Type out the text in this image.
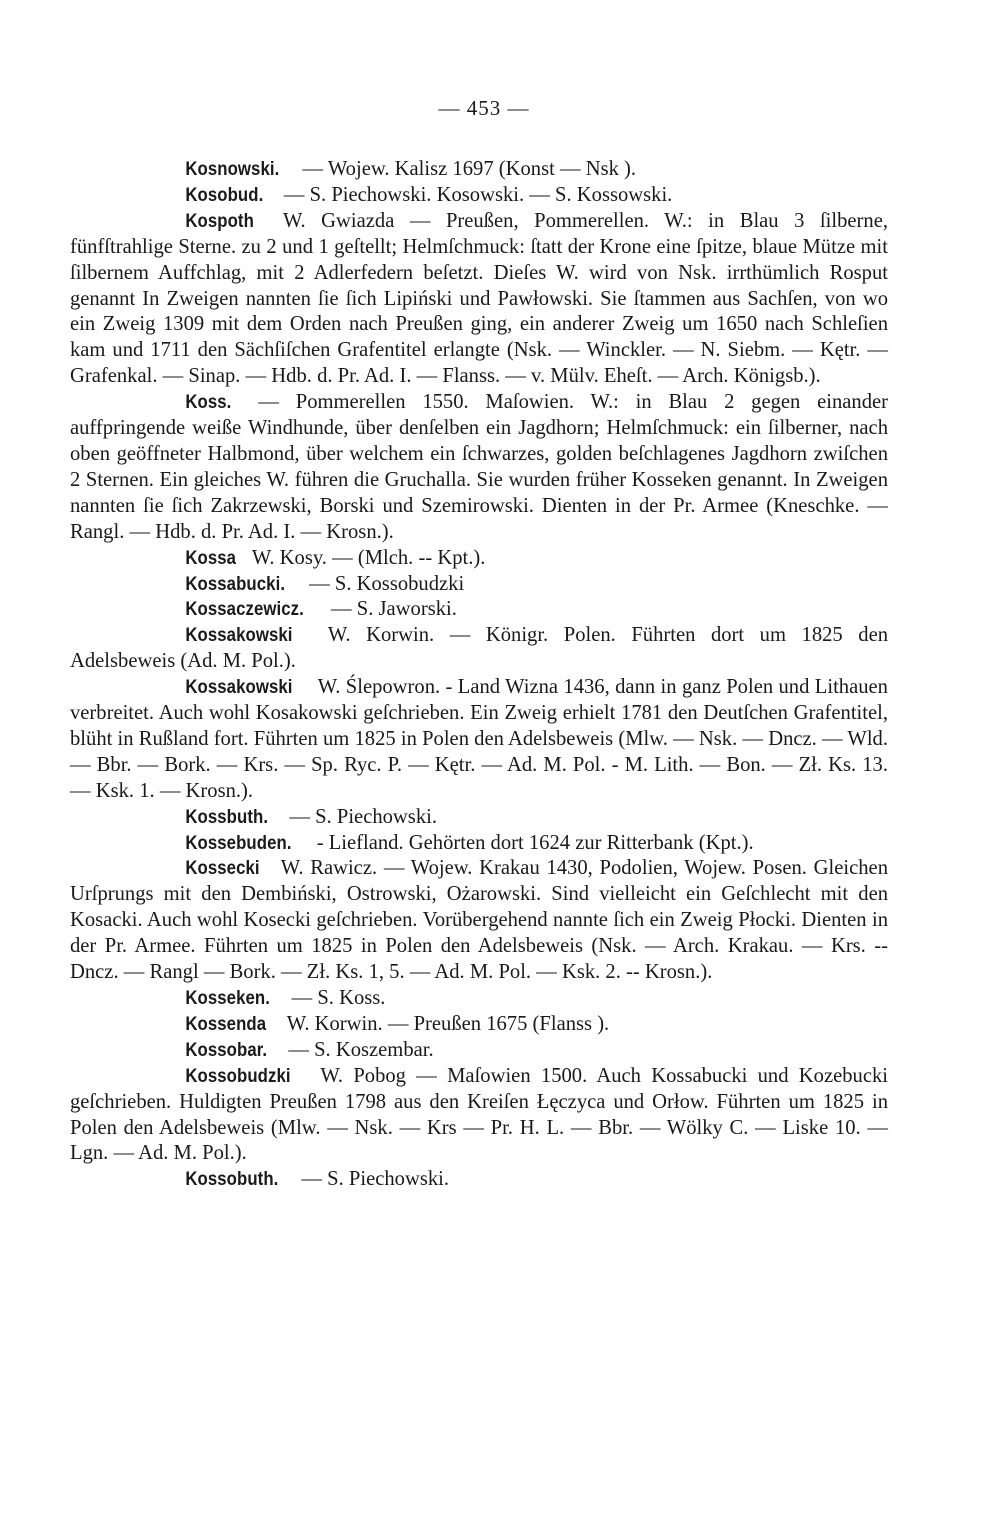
— 453 —

Kosnowski. — Wojew. Kalisz 1697 (Konst — Nsk ).

Kosobud. — S. Piechowski. Kosowski. — S. Kossowski.

Kospoth W. Gwiazda — Preußen, Pommerellen. W.: in Blau 3 ſilberne, fünfſtrahlige Sterne. zu 2 und 1 geſtellt; Helmſchmuck: ſtatt der Krone eine ſpitze, blaue Mütze mit ſilbernem Auffchlag, mit 2 Adlerfedern beſetzt. Dieſes W. wird von Nsk. irrthümlich Rosput genannt In Zweigen nannten ſie ſich Lipiński und Pawłowski. Sie ſtammen aus Sachſen, von wo ein Zweig 1309 mit dem Orden nach Preußen ging, ein anderer Zweig um 1650 nach Schleſien kam und 1711 den Sächſiſchen Grafentitel erlangte (Nsk. — Winckler. — N. Siebm. — Kętr. — Grafenkal. — Sinap. — Hdb. d. Pr. Ad. I. — Flanss. — v. Mülv. Eheſt. — Arch. Königsb.).

Koss. — Pommerellen 1550. Maſowien. W.: in Blau 2 gegen einander auffpringende weiße Windhunde, über denſelben ein Jagdhorn; Helmſchmuck: ein ſilberner, nach oben geöffneter Halbmond, über welchem ein ſchwarzes, golden beſchlagenes Jagdhorn zwiſchen 2 Sternen. Ein gleiches W. führen die Gruchalla. Sie wurden früher Kosseken genannt. In Zweigen nannten ſie ſich Zakrzewski, Borski und Szemirowski. Dienten in der Pr. Armee (Kneschke. — Rangl. — Hdb. d. Pr. Ad. I. — Krosn.).

Kossa W. Kosy. — (Mlch. -- Kpt.).

Kossabucki. — S. Kossobudzki

Kossaczewicz. — S. Jaworski.

Kossakowski W. Korwin. — Königr. Polen. Führten dort um 1825 den Adelsbeweis (Ad. M. Pol.).

Kossakowski W. Ślepowron. - Land Wizna 1436, dann in ganz Polen und Lithauen verbreitet. Auch wohl Kosakowski geſchrieben. Ein Zweig erhielt 1781 den Deutſchen Grafentitel, blüht in Rußland fort. Führten um 1825 in Polen den Adelsbeweis (Mlw. — Nsk. — Dncz. — Wld. — Bbr. — Bork. — Krs. — Sp. Ryc. P. — Kętr. — Ad. M. Pol. - M. Lith. — Bon. — Zł. Ks. 13. — Ksk. 1. — Krosn.).

Kossbuth. — S. Piechowski.

Kossebuden. - Liefland. Gehörten dort 1624 zur Ritterbank (Kpt.).

Kossecki W. Rawicz. — Wojew. Krakau 1430, Podolien, Wojew. Posen. Gleichen Urſprungs mit den Dembiński, Ostrowski, Ożarowski. Sind vielleicht ein Geſchlecht mit den Kosacki. Auch wohl Kosecki geſchrieben. Vorübergehend nannte ſich ein Zweig Płocki. Dienten in der Pr. Armee. Führten um 1825 in Polen den Adelsbeweis (Nsk. — Arch. Krakau. — Krs. -- Dncz. — Rangl — Bork. — Zł. Ks. 1, 5. — Ad. M. Pol. — Ksk. 2. -- Krosn.).

Kosseken. — S. Koss.

Kossenda W. Korwin. — Preußen 1675 (Flanss ).

Kossobar. — S. Koszembar.

Kossobudzki W. Pobog — Maſowien 1500. Auch Kossabucki und Kozebucki geſchrieben. Huldigten Preußen 1798 aus den Kreiſen Łęczyca und Orłow. Führten um 1825 in Polen den Adelsbeweis (Mlw. — Nsk. — Krs — Pr. H. L. — Bbr. — Wölky C. — Liske 10. — Lgn. — Ad. M. Pol.).

Kossobuth. — S. Piechowski.
